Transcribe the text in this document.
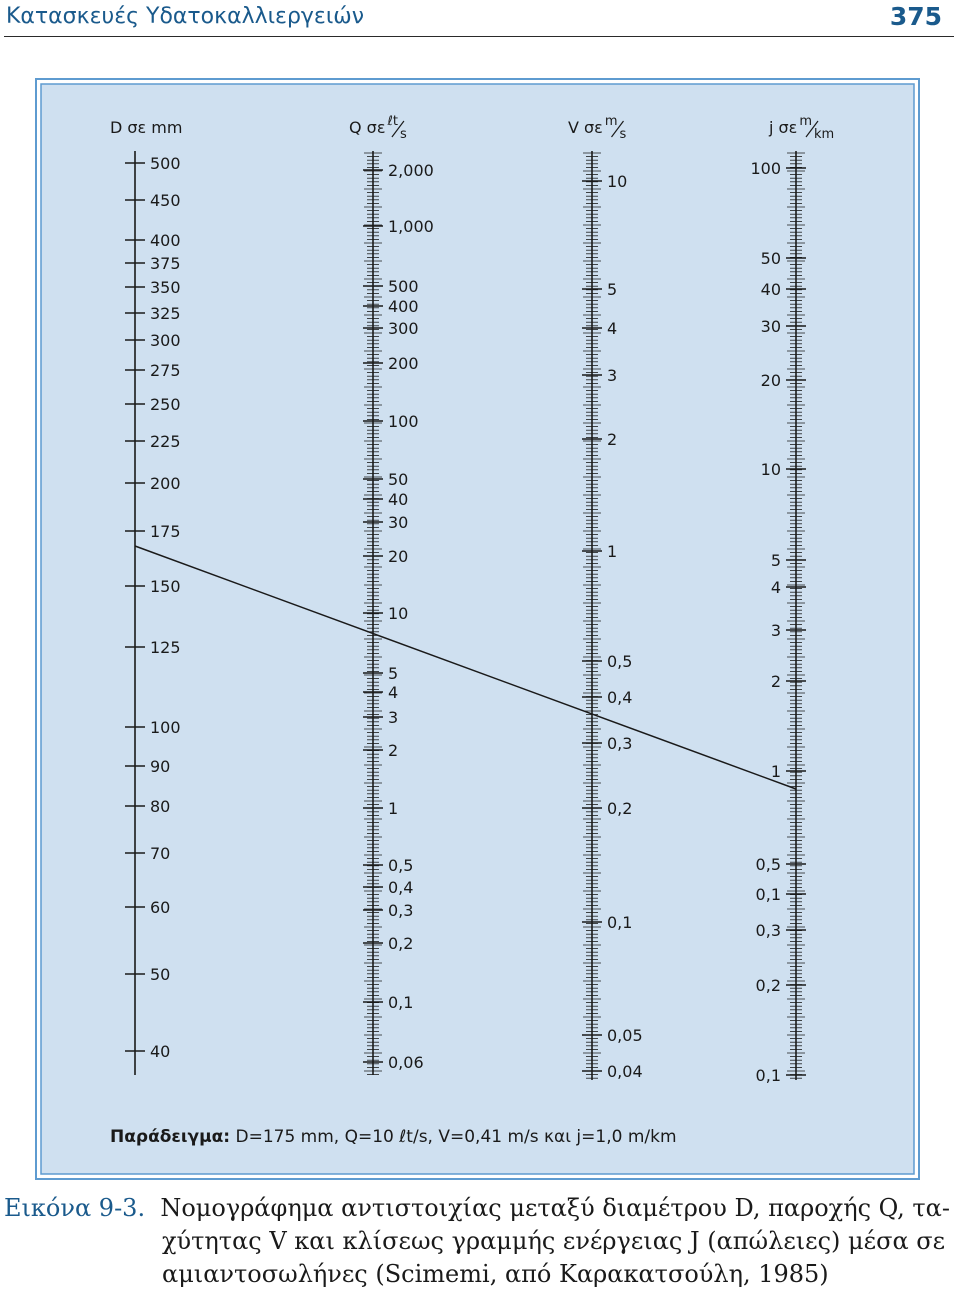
Κατασκευές Υδατοκαλλιεργειών	375
D σε mm
500
450
400
375
350
325
300
275
250
225
200
175
150
125
100
90
80
70
60
50
40
Q σε ℓt
s
2,000
1,000
500
400
300
200
100
50
40
30
20
10
5
4
3
2
1
0,5
0,4
0,3
0,2
0,1
0,06
V σε m
s
10
5
4
3
2
1
0,5
0,4
0,3
0,2
0,1
0,05
0,04
j σε m
km
100
50
40
30
20
10
5
4
3
2
1
0,5
0,1
0,3
0,2
0,1
Παράδειγμα: D=175 mm, Q=10 ℓt/s, V=0,41 m/s και j=1,0 m/km
Εικόνα 9-3. Νομογράφημα αντιστοιχίας μεταξύ διαμέτρου D, παροχής Q, τα-
χύτητας V και κλίσεως γραμμής ενέργειας J (απώλειες) μέσα σε
αμιαντοσωλήνες (Scimemi, από Καρακατσούλη, 1985)
